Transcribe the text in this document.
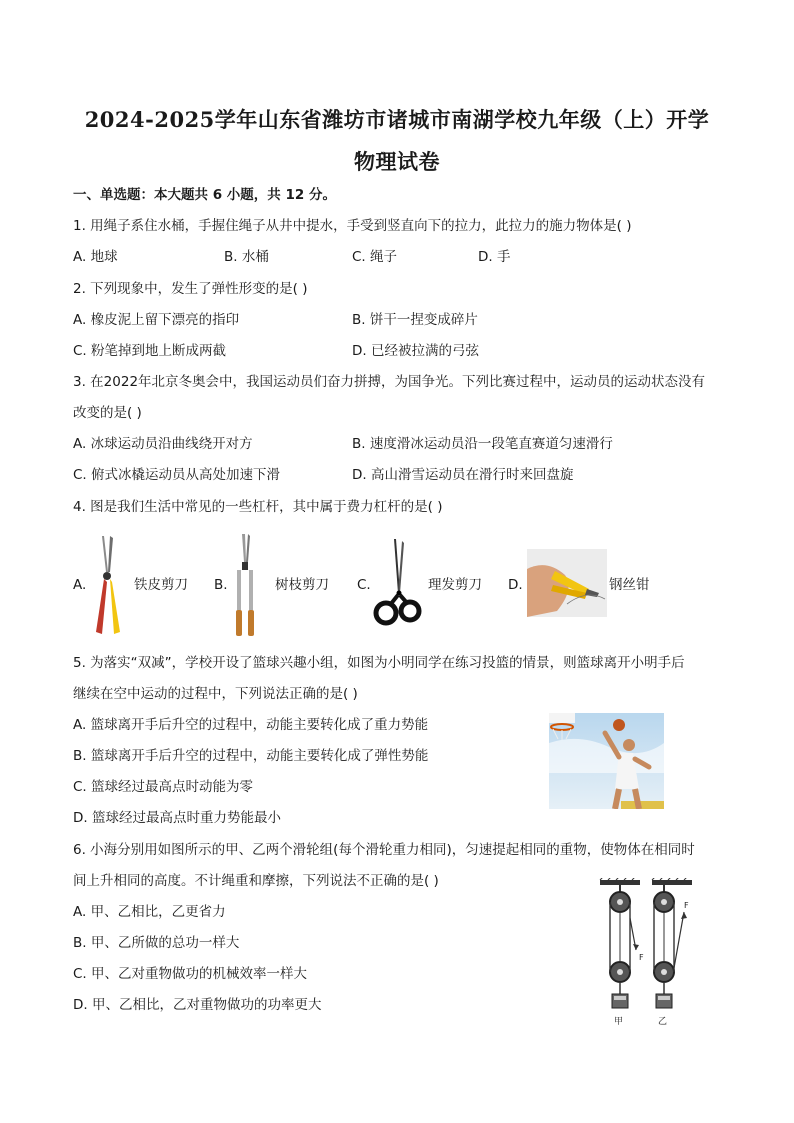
2024-2025学年山东省潍坊市诸城市南湖学校九年级（上）开学
物理试卷
一、单选题：本大题共 6 小题，共 12 分。
1. 用绳子系住水桶，手握住绳子从井中提水，手受到竖直向下的拉力，此拉力的施力物体是( )
A. 地球	B. 水桶	C. 绳子	D. 手
2. 下列现象中，发生了弹性形变的是( )
A. 橡皮泥上留下漂亮的指印	B. 饼干一捏变成碎片
C. 粉笔掉到地上断成两截	D. 已经被拉满的弓弦
3. 在2022年北京冬奥会中，我国运动员们奋力拼搏，为国争光。下列比赛过程中，运动员的运动状态没有
改变的是( )
A. 冰球运动员沿曲线绕开对方	B. 速度滑冰运动员沿一段笔直赛道匀速滑行
C. 俯式冰橇运动员从高处加速下滑	D. 高山滑雪运动员在滑行时来回盘旋
4. 图是我们生活中常见的一些杠杆，其中属于费力杠杆的是( )
A.	铁皮剪刀 B.	树枝剪刀 C.	理发剪刀 D.	钢丝钳
5. 为落实“双减”，学校开设了篮球兴趣小组，如图为小明同学在练习投篮的情景，则篮球离开小明手后
继续在空中运动的过程中，下列说法正确的是( )
A. 篮球离开手后升空的过程中，动能主要转化成了重力势能
B. 篮球离开手后升空的过程中，动能主要转化成了弹性势能
C. 篮球经过最高点时动能为零
D. 篮球经过最高点时重力势能最小
6. 小海分别用如图所示的甲、乙两个滑轮组(每个滑轮重力相同)，匀速提起相同的重物，使物体在相同时
间上升相同的高度。不计绳重和摩擦，下列说法不正确的是( )
A. 甲、乙相比，乙更省力
B. 甲、乙所做的总功一样大
C. 甲、乙对重物做功的机械效率一样大
D. 甲、乙相比，乙对重物做功的功率更大
F
F
甲	乙
